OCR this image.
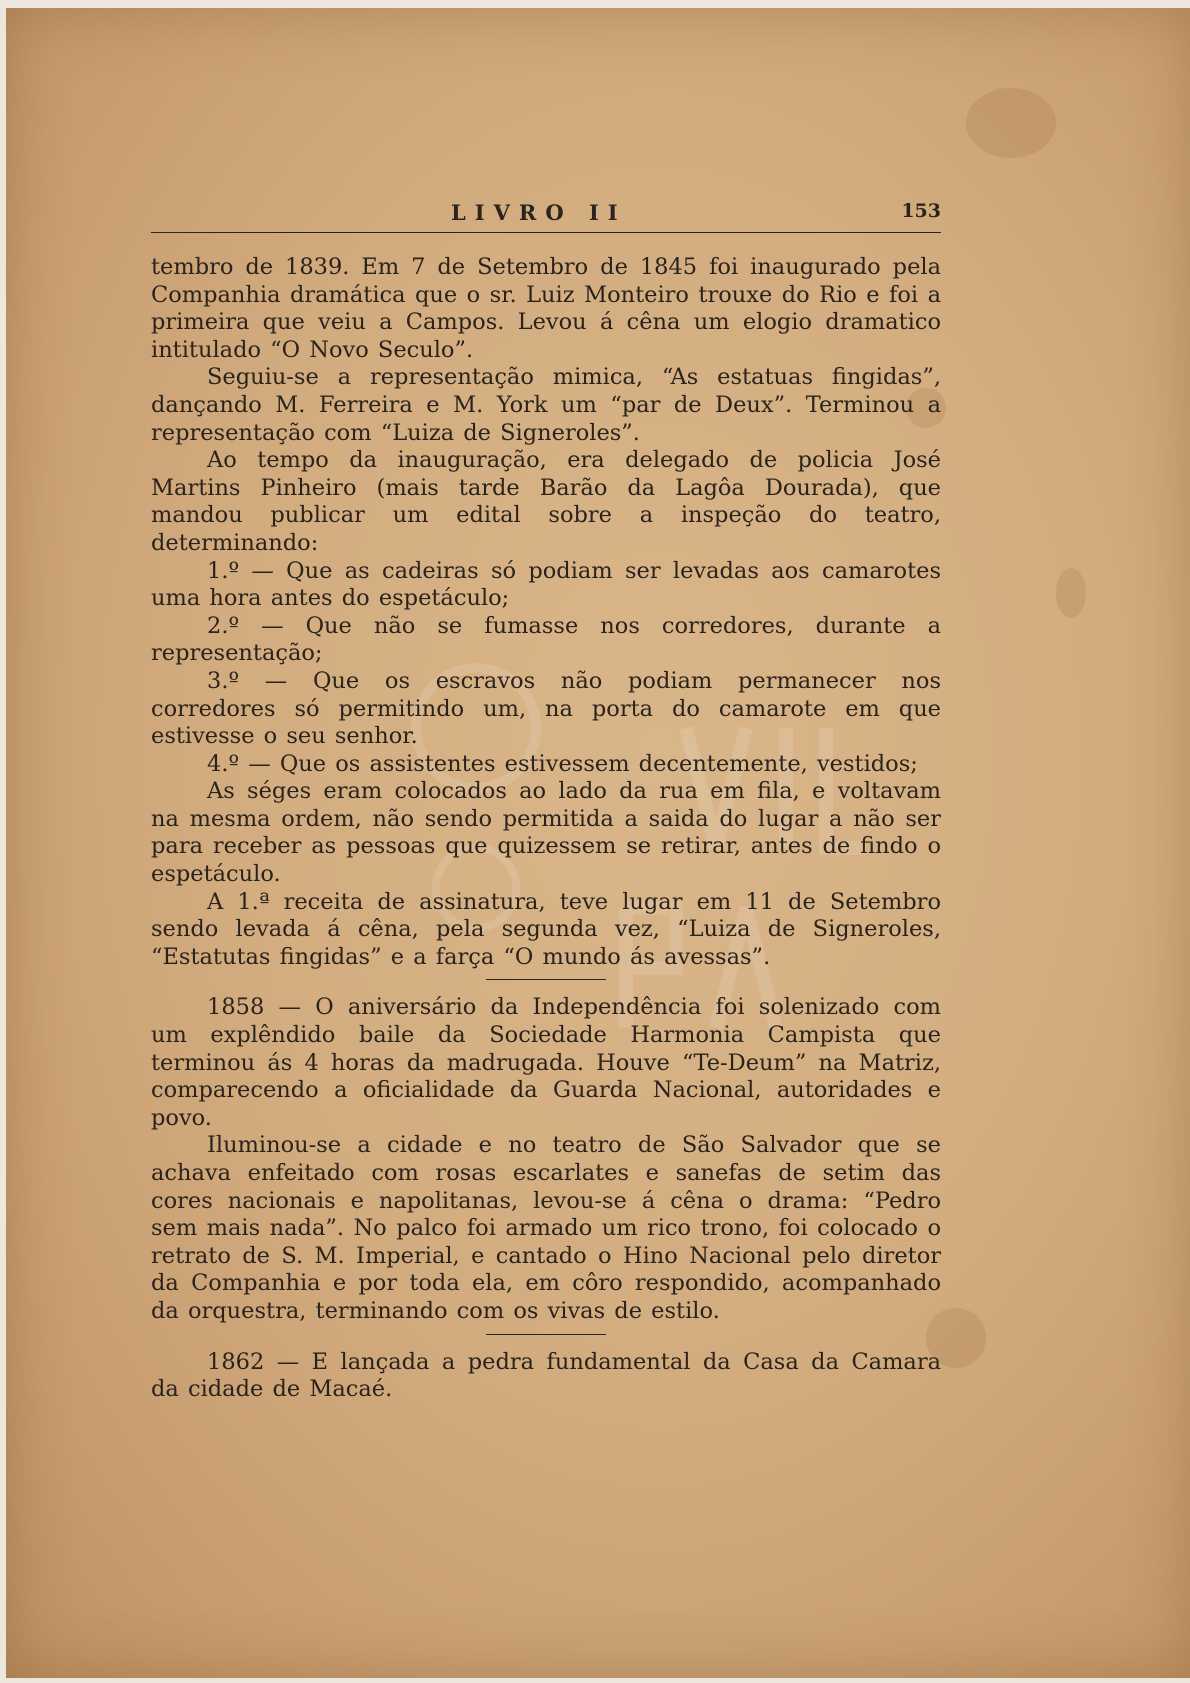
LIVRO II	153

tembro de 1839. Em 7 de Setembro de 1845 foi inaugurado pela Companhia dramática que o sr. Luiz Monteiro trouxe do Rio e foi a primeira que veiu a Campos. Levou á cêna um elogio dramatico intitulado “O Novo Seculo”.

Seguiu-se a representação mimica, “As estatuas fingidas”, dançando M. Ferreira e M. York um “par de Deux”. Terminou a representação com “Luiza de Signeroles”.

Ao tempo da inauguração, era delegado de policia José Martins Pinheiro (mais tarde Barão da Lagôa Dourada), que mandou publicar um edital sobre a inspeção do teatro, determinando:

1.º — Que as cadeiras só podiam ser levadas aos camarotes uma hora antes do espetáculo;

2.º — Que não se fumasse nos corredores, durante a representação;

3.º — Que os escravos não podiam permanecer nos corredores só permitindo um, na porta do camarote em que estivesse o seu senhor.

4.º — Que os assistentes estivessem decentemente, vestidos;

As séges eram colocados ao lado da rua em fila, e voltavam na mesma ordem, não sendo permitida a saida do lugar a não ser para receber as pessoas que quizessem se retirar, antes de findo o espetáculo.

A 1.ª receita de assinatura, teve lugar em 11 de Setembro sendo levada á cêna, pela segunda vez, “Luiza de Signeroles, “Estatutas fingidas” e a farça “O mundo ás avessas”.

1858 — O aniversário da Independência foi solenizado com um explêndido baile da Sociedade Harmonia Campista que terminou ás 4 horas da madrugada. Houve “Te-Deum” na Matriz, comparecendo a oficialidade da Guarda Nacional, autoridades e povo.

Iluminou-se a cidade e no teatro de São Salvador que se achava enfeitado com rosas escarlates e sanefas de setim das cores nacionais e napolitanas, levou-se á cêna o drama: “Pedro sem mais nada”. No palco foi armado um rico trono, foi colocado o retrato de S. M. Imperial, e cantado o Hino Nacional pelo diretor da Companhia e por toda ela, em côro respondido, acompanhado da orquestra, terminando com os vivas de estilo.

1862 — E lançada a pedra fundamental da Casa da Camara da cidade de Macaé.
